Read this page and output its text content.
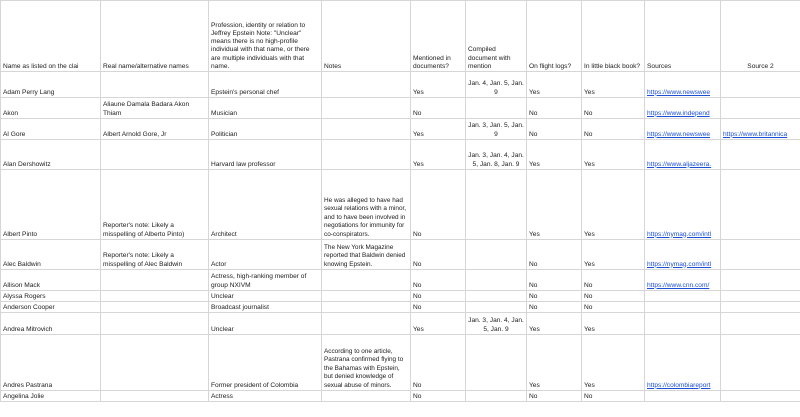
Name as listed on the clai	Real name/alternative names	Profession, identity or relation to Jeffrey Epstein Note: "Unclear" means there is no high-profile individual with that name, or there are multiple individuals with that name.	Notes	Mentioned in documents?	Compiled document with mention	On flight logs?	In little black book?	Sources	Source 2
Adam Perry Lang		Epstein's personal chef		Yes	Jan. 4, Jan. 5, Jan. 9	Yes	Yes	https://www.newswee	
Akon	Aliaune Damala Badara Akon Thiam	Musician		No		No	No	https://www.independ	
Al Gore	Albert Arnold Gore, Jr	Politician		Yes	Jan. 3, Jan. 5, Jan. 9	No	No	https://www.newswee	https://www.britannica
Alan Dershowitz		Harvard law professor		Yes	Jan. 3, Jan. 4, Jan. 5, Jan. 8, Jan. 9	Yes	Yes	https://www.aljazeera.	
Albert Pinto	Reporter's note: Likely a misspelling of Alberto Pinto)	Architect	He was alleged to have had sexual relations with a minor, and to have been involved in negotiations for immunity for co-conspirators.	No		Yes	Yes	https://nymag.com/intl	
Alec Baldwin	Reporter's note: Likely a misspelling of Alec Baldwin	Actor	The New York Magazine reported that Baldwin denied knowing Epstein.	No		No	Yes	https://nymag.com/intl	
Allison Mack		Actress, high-ranking member of group NXIVM		No		No	No	https://www.cnn.com/	
Alyssa Rogers		Unclear		No		No	No		
Anderson Cooper		Broadcast journalist		No		No	No		
Andrea Mitrovich		Unclear		Yes	Jan. 3, Jan. 4, Jan. 5, Jan. 9	Yes	Yes		
Andres Pastrana		Former president of Colombia	According to one article, Pastrana confirmed flying to the Bahamas with Epstein, but denied knowledge of sexual abuse of minors.	No		Yes	Yes	https://colombiareport	
Angelina Jolie		Actress		No		No	No		
